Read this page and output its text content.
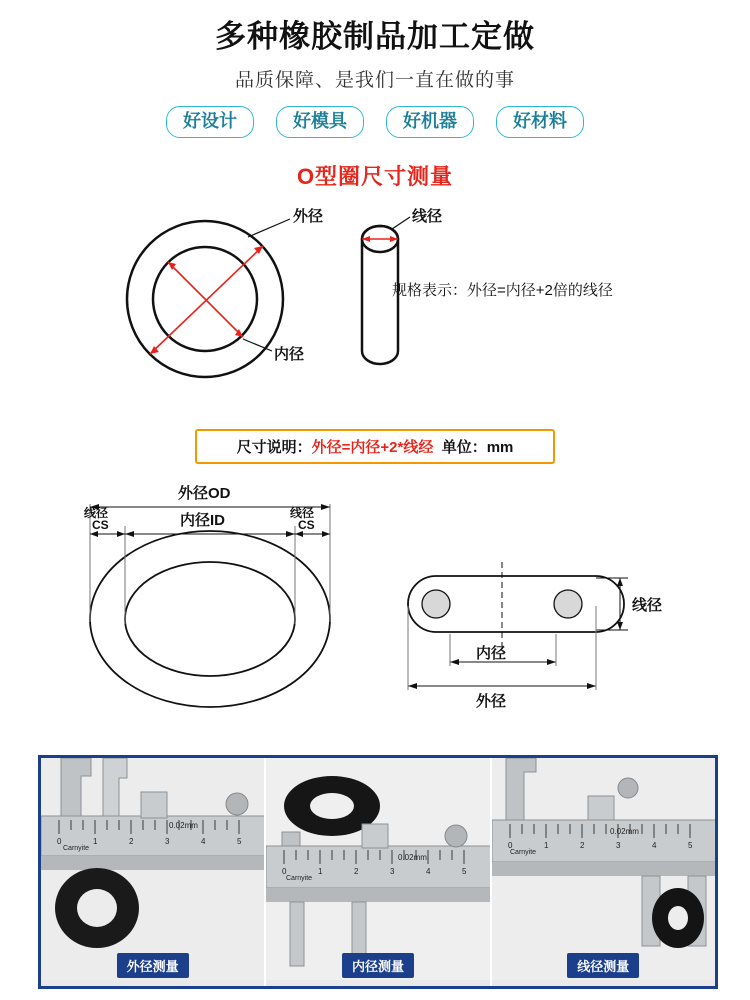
多种橡胶制品加工定做
品质保障、是我们一直在做的事
好设计	好模具	好机器	好材料
O型圈尺寸测量
外径
内径
线径
规格表示：外径=内径+2倍的线径
尺寸说明：外径=内径+2*线经 单位：mm
外径OD
内径ID
线径
CS
线径
CS
线径
内径
外径
0.02mm
Carnyite
0	1	2	3	4	5
外径测量
0.02mm
Carnyite
0	1	2	3	4	5
内径测量
0.02mm
Carnyite
0	1	2	3	4	5
线径测量
